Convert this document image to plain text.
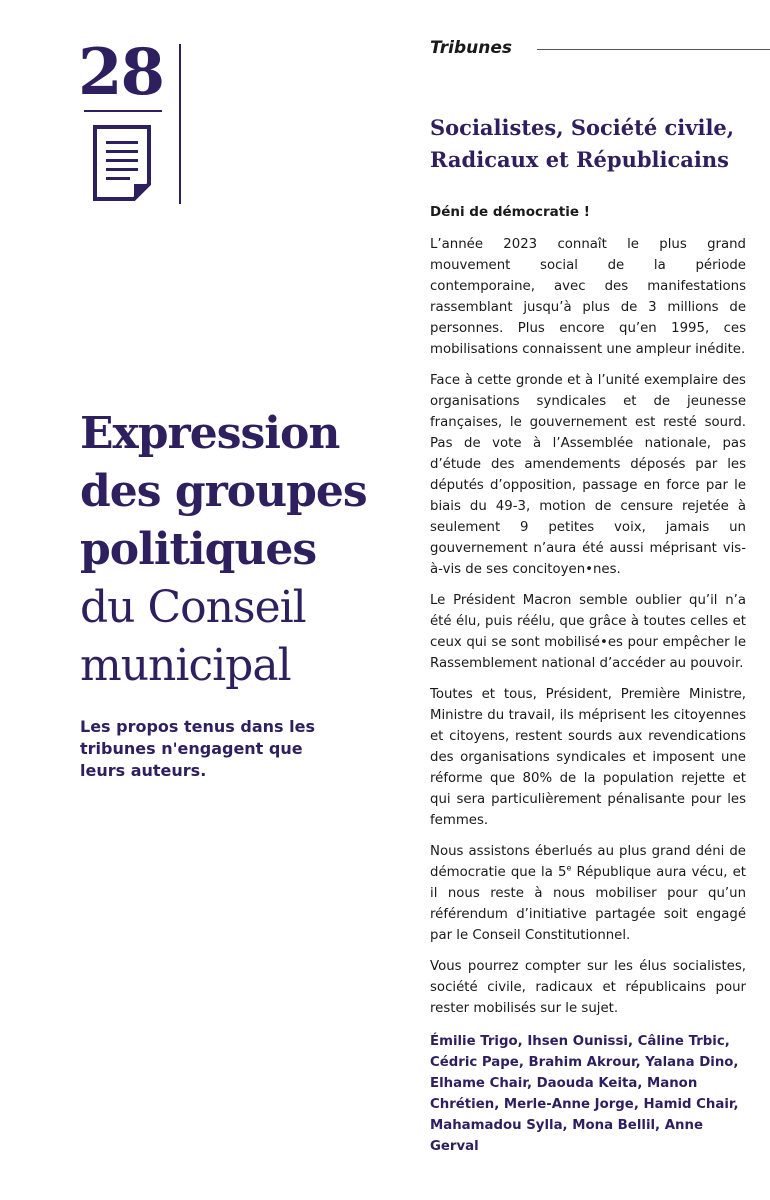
28	Tribunes
Expression
des groupes
politiques
du Conseil
municipal
Les propos tenus dans les tribunes n'engagent que leurs auteurs.
Socialistes, Société civile,
Radicaux et Républicains
Déni de démocratie !

L’année 2023 connaît le plus grand mouvement social de la période contemporaine, avec des manifestations rassemblant jusqu’à plus de 3 millions de personnes. Plus encore qu’en 1995, ces mobilisations connaissent une ampleur inédite.

Face à cette gronde et à l’unité exemplaire des organisations syndicales et de jeunesse françaises, le gouvernement est resté sourd. Pas de vote à l’Assemblée nationale, pas d’étude des amendements déposés par les députés d’opposition, passage en force par le biais du 49-3, motion de censure rejetée à seulement 9 petites voix, jamais un gouvernement n’aura été aussi méprisant vis-à-vis de ses concitoyen•nes.

Le Président Macron semble oublier qu’il n’a été élu, puis réélu, que grâce à toutes celles et ceux qui se sont mobilisé•es pour empêcher le Rassemblement national d’accéder au pouvoir.

Toutes et tous, Président, Première Ministre, Ministre du travail, ils méprisent les citoyennes et citoyens, restent sourds aux revendications des organisations syndicales et imposent une réforme que 80% de la population rejette et qui sera particulièrement pénalisante pour les femmes.

Nous assistons éberlués au plus grand déni de démocratie que la 5e République aura vécu, et il nous reste à nous mobiliser pour qu’un référendum d’initiative partagée soit engagé par le Conseil Constitutionnel.

Vous pourrez compter sur les élus socialistes, société civile, radicaux et républicains pour rester mobilisés sur le sujet.

Émilie Trigo, Ihsen Ounissi, Câline Trbic, Cédric Pape, Brahim Akrour, Yalana Dino, Elhame Chair, Daouda Keita, Manon Chrétien, Merle-Anne Jorge, Hamid Chair, Mahamadou Sylla, Mona Bellil, Anne Gerval
